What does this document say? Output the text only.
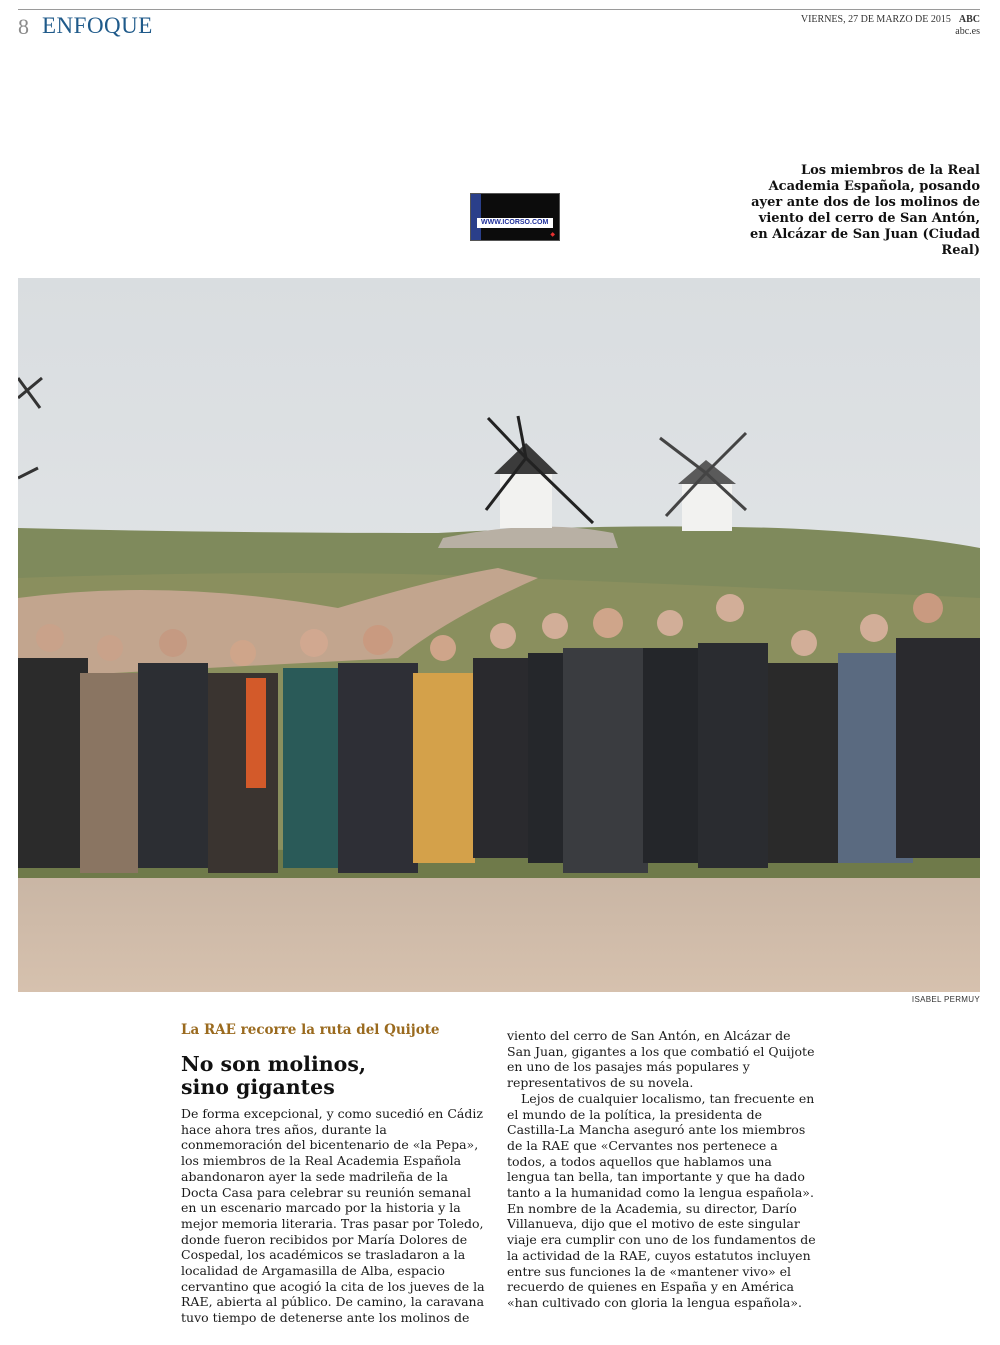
8 ENFOQUE	VIERNES, 27 DE MARZO DE 2015 ABC
abc.es
WWW.ICORSO.COM
◆
Los miembros de la Real Academia Española, posando ayer ante dos de los molinos de viento del cerro de San Antón, en Alcázar de San Juan (Ciudad Real)
ISABEL PERMUY
La RAE recorre la ruta del Quijote
No son molinos,
sino gigantes

De forma excepcional, y como sucedió en Cádiz hace ahora tres años, durante la conmemoración del bicentenario de «la Pepa», los miembros de la Real Academia Española abandonaron ayer la sede madrileña de la Docta Casa para celebrar su reunión semanal en un escenario marcado por la historia y la mejor memoria literaria. Tras pasar por Toledo, donde fueron recibidos por María Dolores de Cospedal, los académicos se trasladaron a la localidad de Argamasilla de Alba, espacio cervantino que acogió la cita de los jueves de la RAE, abierta al público. De camino, la caravana tuvo tiempo de detenerse ante los molinos de

viento del cerro de San Antón, en Alcázar de San Juan, gigantes a los que combatió el Quijote en uno de los pasajes más populares y representativos de su novela.

Lejos de cualquier localismo, tan frecuente en el mundo de la política, la presidenta de Castilla-La Mancha aseguró ante los miembros de la RAE que «Cervantes nos pertenece a todos, a todos aquellos que hablamos una lengua tan bella, tan importante y que ha dado tanto a la humanidad como la lengua española». En nombre de la Academia, su director, Darío Villanueva, dijo que el motivo de este singular viaje era cumplir con uno de los fundamentos de la actividad de la RAE, cuyos estatutos incluyen entre sus funciones la de «mantener vivo» el recuerdo de quienes en España y en América «han cultivado con gloria la lengua española».
